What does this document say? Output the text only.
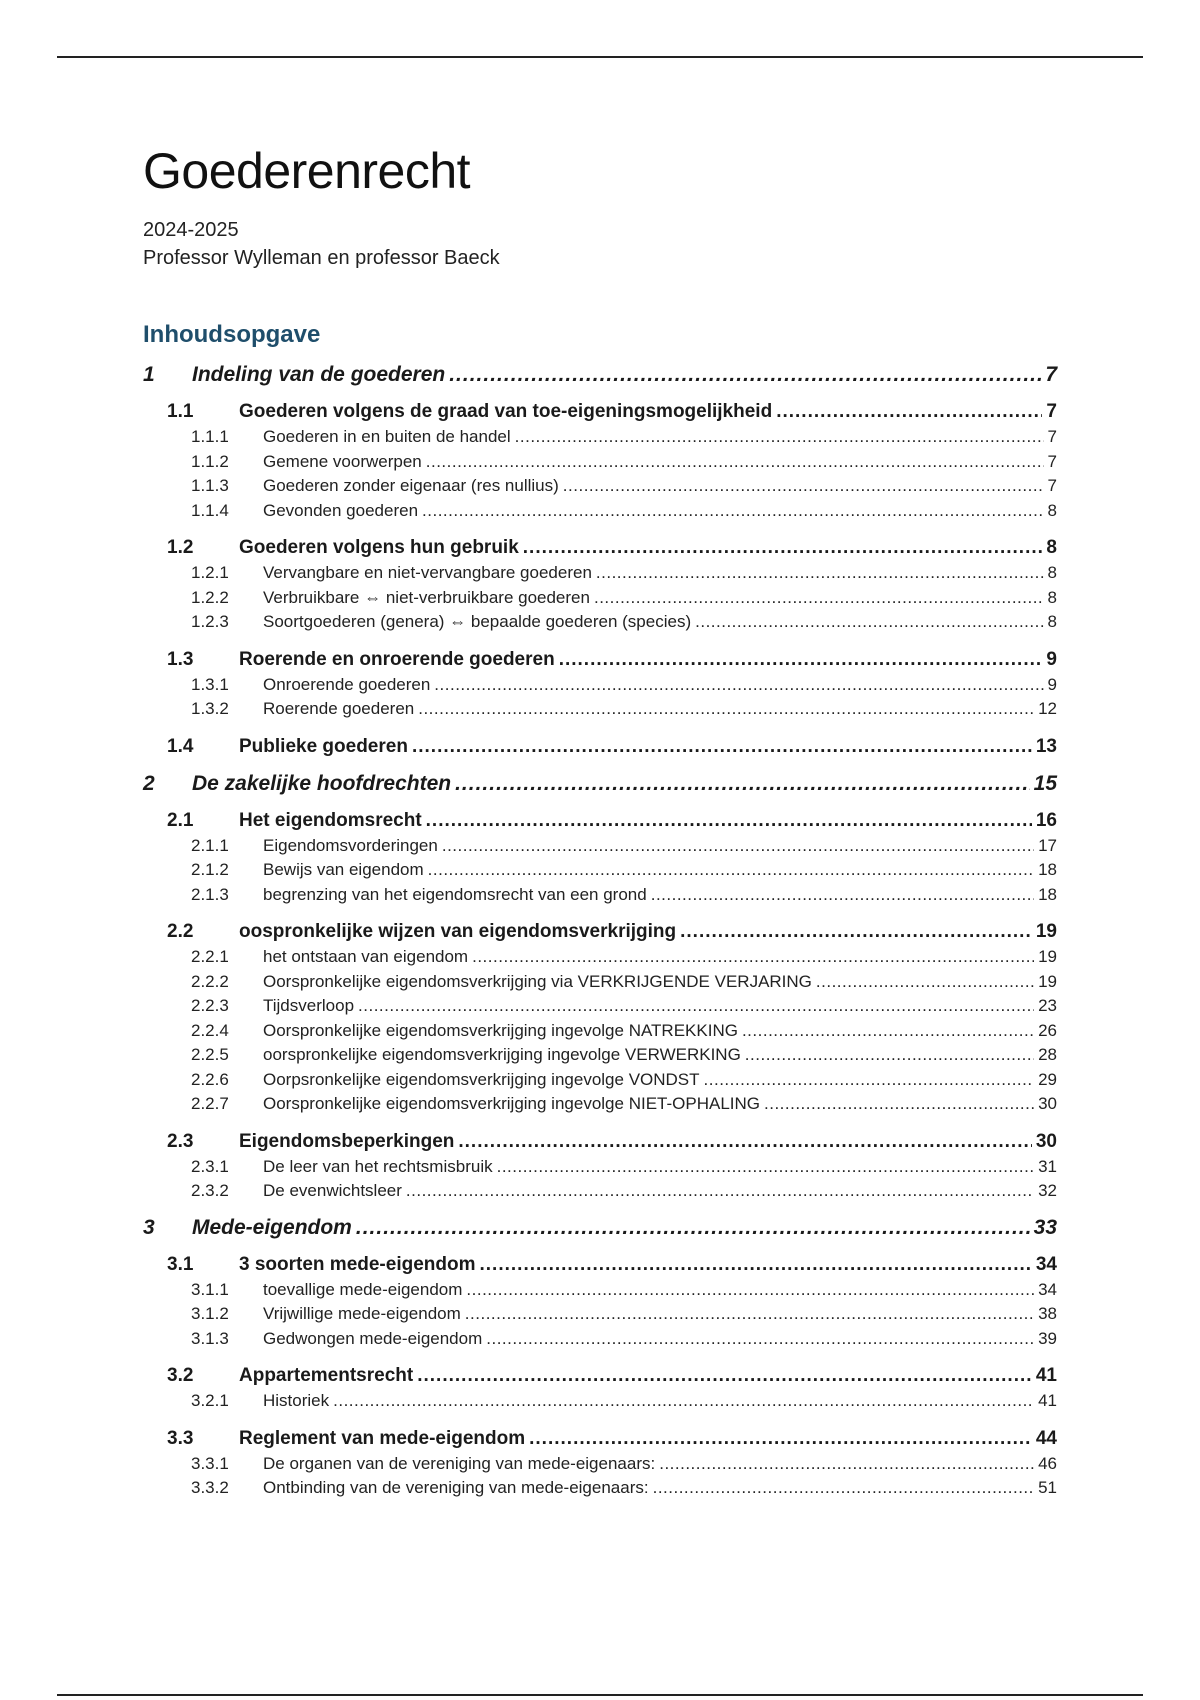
Goederenrecht
2024-2025
Professor Wylleman en professor Baeck
Inhoudsopgave
1	Indeling van de goederen .....	7
1.1	Goederen volgens de graad van toe-eigeningsmogelijkheid .....	7
1.1.1	Goederen in en buiten de handel .....	7
1.1.2	Gemene voorwerpen .....	7
1.1.3	Goederen zonder eigenaar (res nullius) .....	7
1.1.4	Gevonden goederen .....	8
1.2	Goederen volgens hun gebruik .....	8
1.2.1	Vervangbare en niet-vervangbare goederen .....	8
1.2.2	Verbruikbare ⇔ niet-verbruikbare goederen .....	8
1.2.3	Soortgoederen (genera) ⇔ bepaalde goederen (species) .....	8
1.3	Roerende en onroerende goederen .....	9
1.3.1	Onroerende goederen .....	9
1.3.2	Roerende goederen .....	12
1.4	Publieke goederen .....	13
2	De zakelijke hoofdrechten .....	15
2.1	Het eigendomsrecht .....	16
2.1.1	Eigendomsvorderingen .....	17
2.1.2	Bewijs van eigendom .....	18
2.1.3	begrenzing van het eigendomsrecht van een grond .....	18
2.2	oospronkelijke wijzen van eigendomsverkrijging .....	19
2.2.1	het ontstaan van eigendom .....	19
2.2.2	Oorspronkelijke eigendomsverkrijging via VERKRIJGENDE VERJARING .....	19
2.2.3	Tijdsverloop .....	23
2.2.4	Oorspronkelijke eigendomsverkrijging ingevolge NATREKKING .....	26
2.2.5	oorspronkelijke eigendomsverkrijging ingevolge VERWERKING .....	28
2.2.6	Oorpsronkelijke eigendomsverkrijging ingevolge VONDST .....	29
2.2.7	Oorspronkelijke eigendomsverkrijging ingevolge NIET-OPHALING .....	30
2.3	Eigendomsbeperkingen .....	30
2.3.1	De leer van het rechtsmisbruik .....	31
2.3.2	De evenwichtsleer .....	32
3	Mede-eigendom .....	33
3.1	3 soorten mede-eigendom .....	34
3.1.1	toevallige mede-eigendom .....	34
3.1.2	Vrijwillige mede-eigendom .....	38
3.1.3	Gedwongen mede-eigendom .....	39
3.2	Appartementsrecht .....	41
3.2.1	Historiek .....	41
3.3	Reglement van mede-eigendom .....	44
3.3.1	De organen van de vereniging van mede-eigenaars: .....	46
3.3.2	Ontbinding van de vereniging van mede-eigenaars: .....	51
